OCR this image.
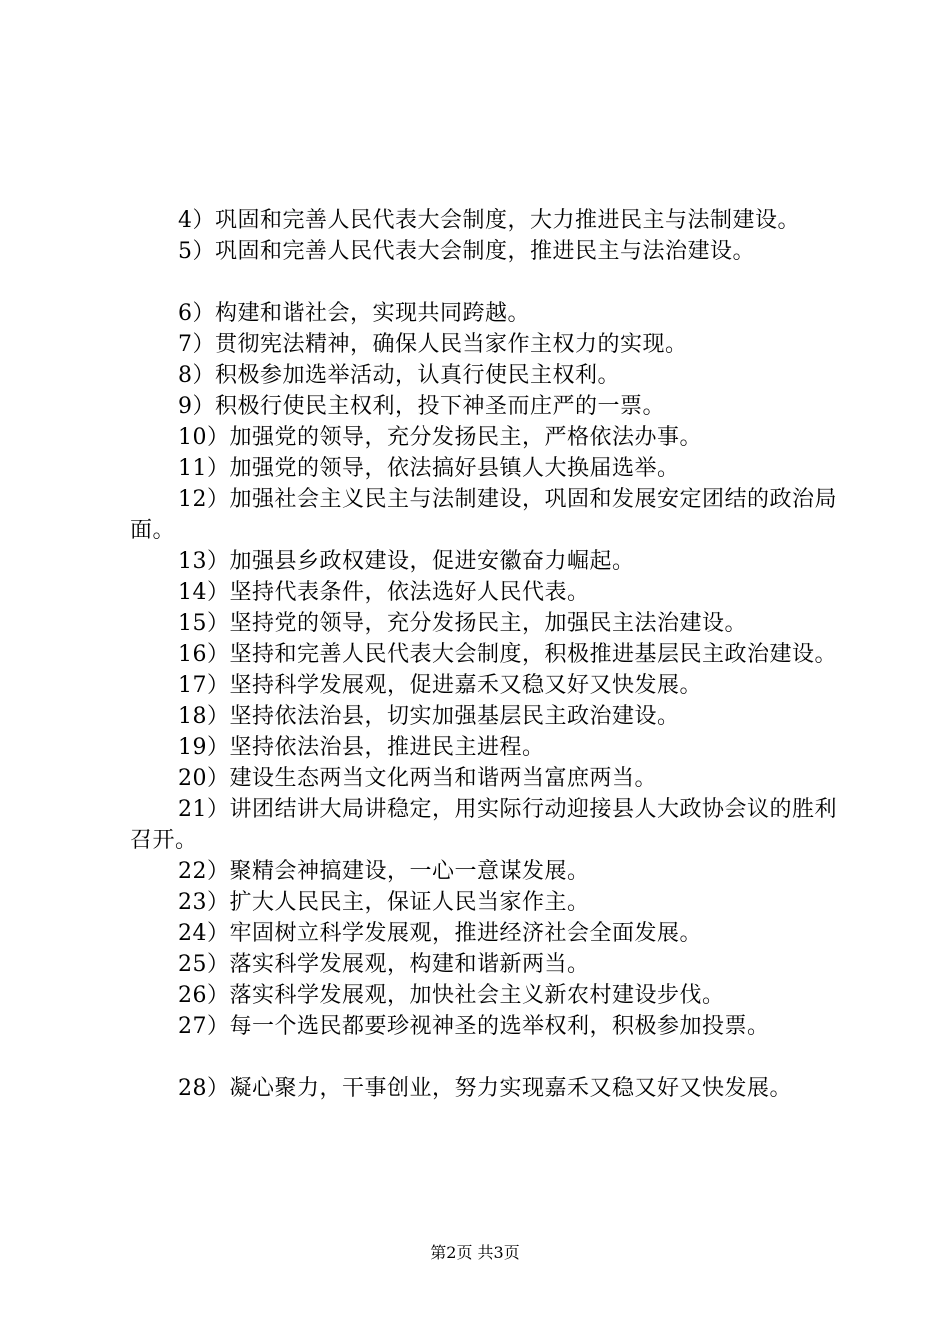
4）巩固和完善人民代表大会制度，大力推进民主与法制建设。

5）巩固和完善人民代表大会制度，推进民主与法治建设。

6）构建和谐社会，实现共同跨越。

7）贯彻宪法精神，确保人民当家作主权力的实现。

8）积极参加选举活动，认真行使民主权利。

9）积极行使民主权利，投下神圣而庄严的一票。

10）加强党的领导，充分发扬民主，严格依法办事。

11）加强党的领导，依法搞好县镇人大换届选举。

12）加强社会主义民主与法制建设，巩固和发展安定团结的政治局面。

13）加强县乡政权建设，促进安徽奋力崛起。

14）坚持代表条件，依法选好人民代表。

15）坚持党的领导，充分发扬民主，加强民主法治建设。

16）坚持和完善人民代表大会制度，积极推进基层民主政治建设。

17）坚持科学发展观，促进嘉禾又稳又好又快发展。

18）坚持依法治县，切实加强基层民主政治建设。

19）坚持依法治县，推进民主进程。

20）建设生态两当文化两当和谐两当富庶两当。

21）讲团结讲大局讲稳定，用实际行动迎接县人大政协会议的胜利召开。

22）聚精会神搞建设，一心一意谋发展。

23）扩大人民民主，保证人民当家作主。

24）牢固树立科学发展观，推进经济社会全面发展。

25）落实科学发展观，构建和谐新两当。

26）落实科学发展观，加快社会主义新农村建设步伐。

27）每一个选民都要珍视神圣的选举权利，积极参加投票。

28）凝心聚力，干事创业，努力实现嘉禾又稳又好又快发展。

第2页 共3页
